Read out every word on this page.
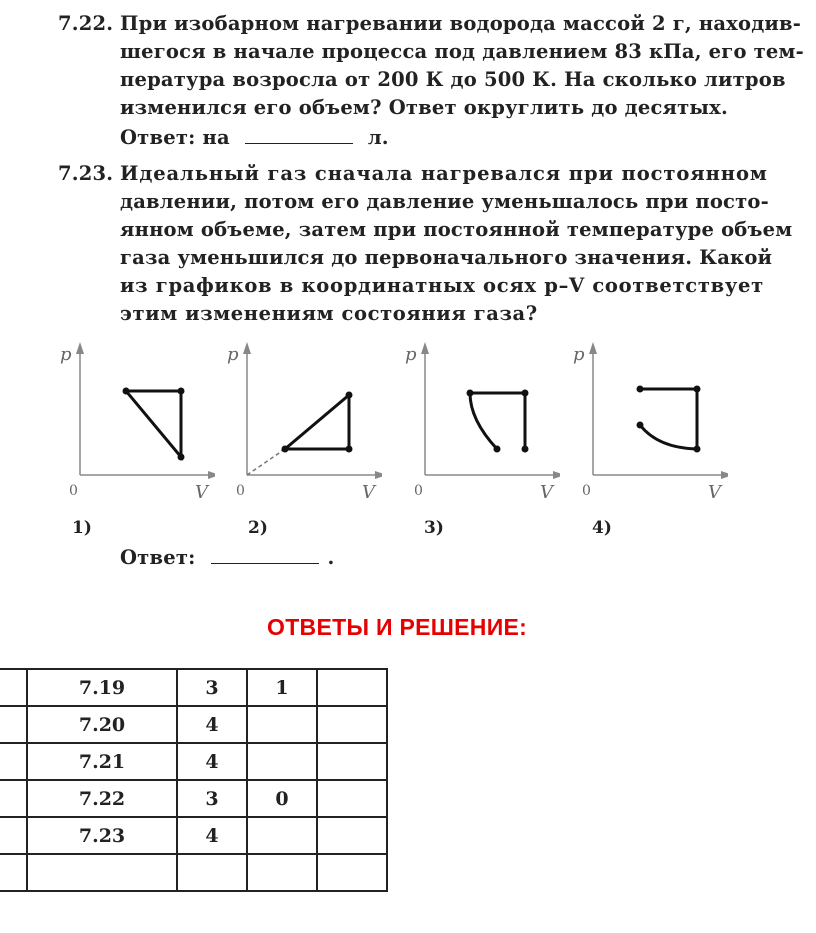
7.22. При изобарном нагревании водорода массой 2 г, находив-
шегося в начале процесса под давлением 83 кПа, его тем-
пература возросла от 200 К до 500 К. На сколько литров
изменился его объем? Ответ округлить до десятых.
Ответ: на	л.
7.23. Идеальный газ сначала нагревался при постоянном
давлении, потом его давление уменьшалось при посто-
янном объеме, затем при постоянной температуре объем
газа уменьшился до первоначального значения. Какой
из графиков в координатных осях p–V соответствует
этим изменениям состояния газа?
p
V
0
1)
p
V
0
2)
p
V
0
3)
p
V
0
4)
Ответ:	.
ОТВЕТЫ И РЕШЕНИЕ:
	7.19	3	1	
	7.20	4		
	7.21	4		
	7.22	3	0	
	7.23	4		
